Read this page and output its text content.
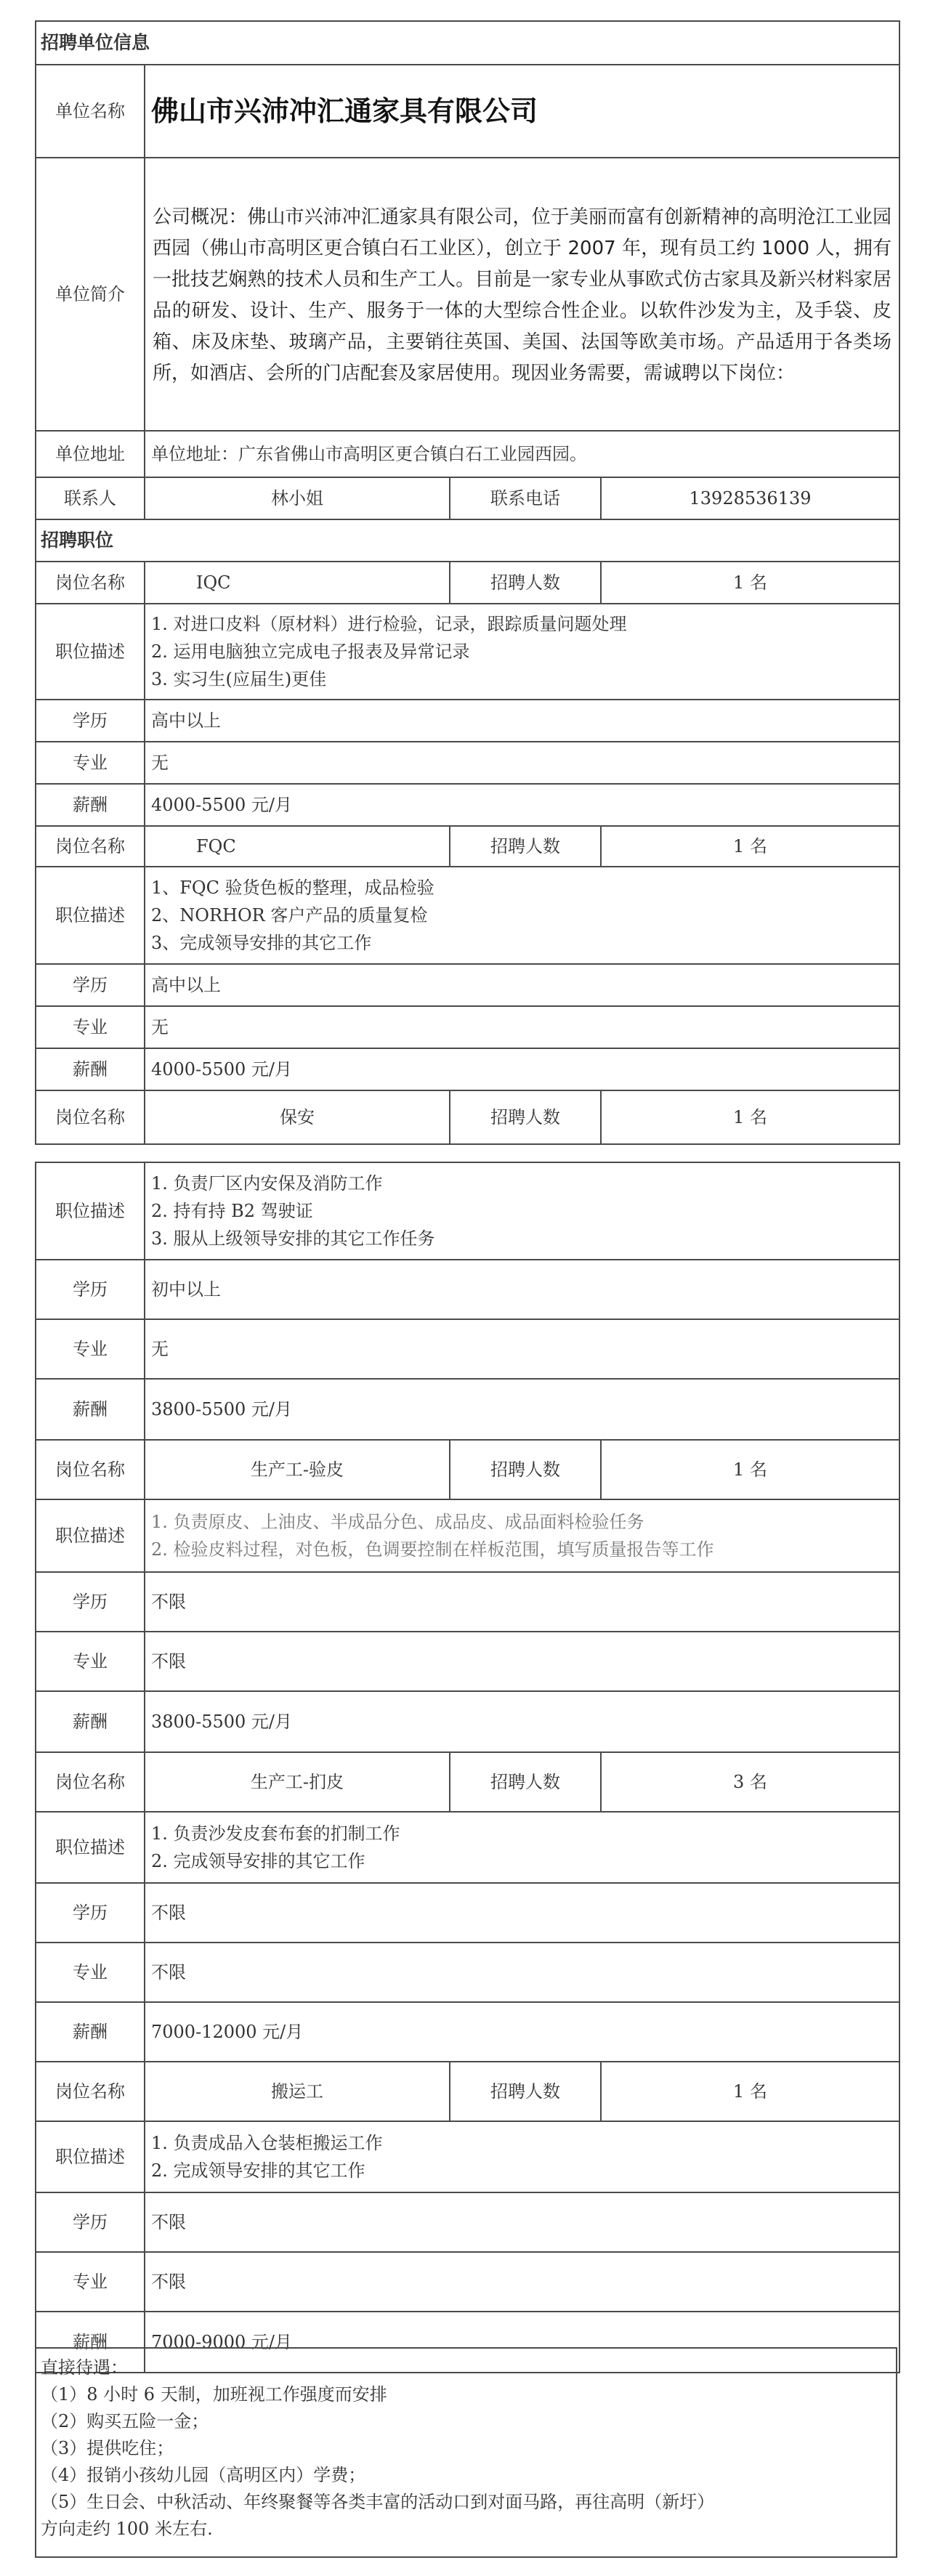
招聘单位信息			
单位名称	佛山市兴沛冲汇通家具有限公司		
单位简介	公司概况：佛山市兴沛冲汇通家具有限公司，位于美丽而富有创新精神的高明沧江工业园西园（佛山市高明区更合镇白石工业区），创立于 2007 年，现有员工约 1000 人，拥有一批技艺娴熟的技术人员和生产工人。目前是一家专业从事欧式仿古家具及新兴材料家居品的研发、设计、生产、服务于一体的大型综合性企业。以软件沙发为主，及手袋、皮箱、床及床垫、玻璃产品，主要销往英国、美国、法国等欧美市场。产品适用于各类场所，如酒店、会所的门店配套及家居使用。现因业务需要，需诚聘以下岗位：		
单位地址	单位地址：广东省佛山市高明区更合镇白石工业园西园。		
联系人	林小姐	联系电话	13928536139
招聘职位			
岗位名称	IQC	招聘人数	1 名
职位描述	1. 对进口皮料（原材料）进行检验，记录，跟踪质量问题处理
2. 运用电脑独立完成电子报表及异常记录
3. 实习生(应届生)更佳		

学历	高中以上		
专业	无		
薪酬	4000-5500 元/月		
岗位名称	FQC	招聘人数	1 名
职位描述	1、FQC 验货色板的整理，成品检验
2、NORHOR 客户产品的质量复检
3、完成领导安排的其它工作		

学历	高中以上		
专业	无		
薪酬	4000-5500 元/月		
岗位名称	保安	招聘人数	1 名
职位描述	1. 负责厂区内安保及消防工作
2. 持有持 B2 驾驶证
3. 服从上级领导安排的其它工作任务		

学历	初中以上		
专业	无		
薪酬	3800-5500 元/月		
岗位名称	生产工-验皮	招聘人数	1 名
职位描述	1. 负责原皮、上油皮、半成品分色、成品皮、成品面料检验任务
2. 检验皮料过程，对色板，色调要控制在样板范围，填写质量报告等工作		

学历	不限		
专业	不限		
薪酬	3800-5500 元/月		
岗位名称	生产工-扪皮	招聘人数	3 名
职位描述	1. 负责沙发皮套布套的扪制工作
2. 完成领导安排的其它工作		

学历	不限		
专业	不限		
薪酬	7000-12000 元/月		
岗位名称	搬运工	招聘人数	1 名
职位描述	1. 负责成品入仓装柜搬运工作
2. 完成领导安排的其它工作		

学历	不限		
专业	不限		
薪酬	7000-9000 元/月		
直接待遇：
（1）8 小时 6 天制，加班视工作强度而安排
（2）购买五险一金；
（3）提供吃住；
（4）报销小孩幼儿园（高明区内）学费；
（5）生日会、中秋活动、年终聚餐等各类丰富的活动口到对面马路，再往高明（新圩）
方向走约 100 米左右.
